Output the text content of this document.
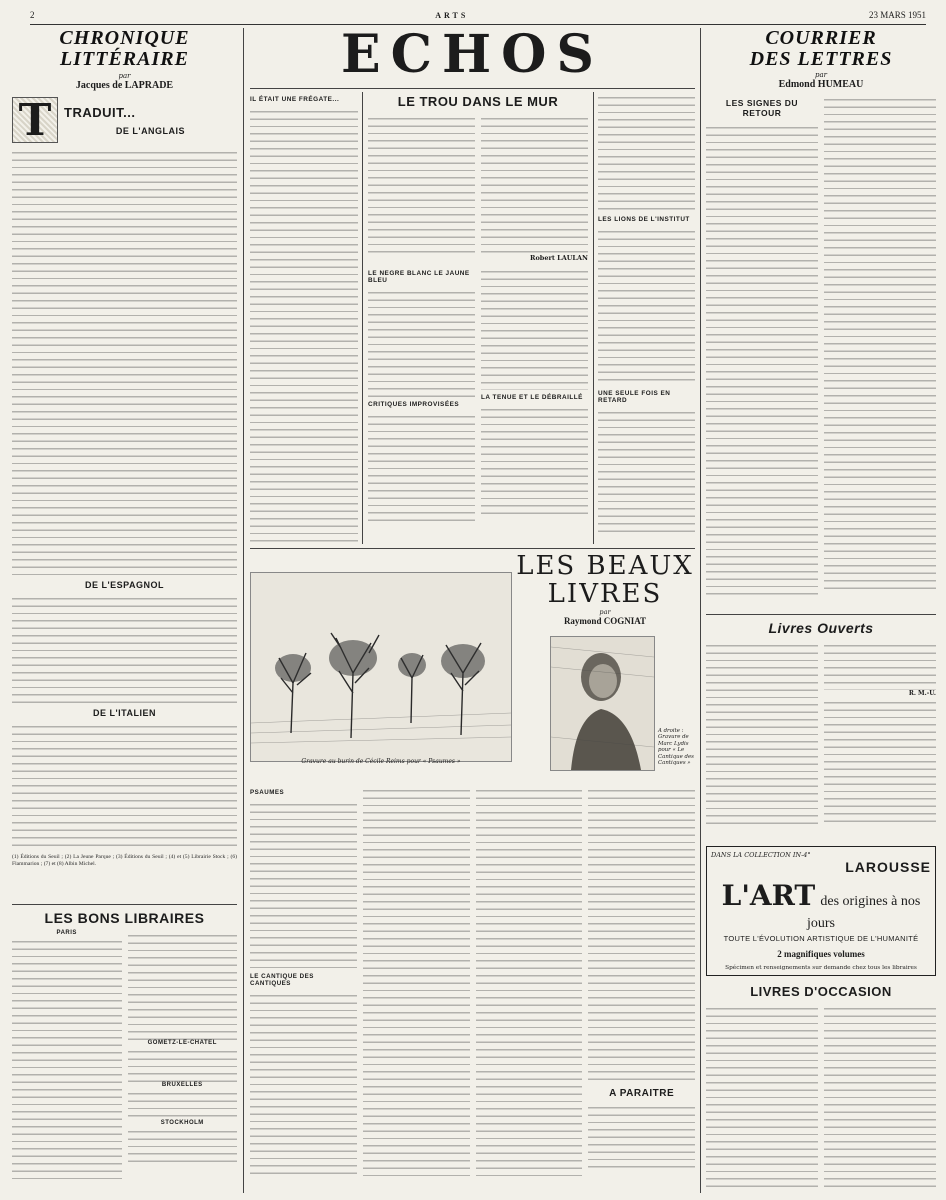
2	ARTS	23 MARS 1951
CHRONIQUE
LITTÉRAIRE
par
Jacques de LAPRADE
T TRADUIT...
DE L'ANGLAIS
DE L'ESPAGNOL
DE L'ITALIEN
(1) Éditions du Seuil ; (2) La Jeune Parque ; (3) Éditions du Seuil ; (4) et (5) Librairie Stock ; (6) Flammarion ; (7) et (8) Albin Michel.
LES BONS LIBRAIRES
PARIS
GOMETZ-LE-CHATEL
BRUXELLES
STOCKHOLM
ECHOS
IL ÉTAIT UNE FRÉGATE...	LE TROU DANS LE MUR
Robert LAULAN
LE NEGRE BLANC LE JAUNE BLEU
CRITIQUES IMPROVISÉES
LA TENUE ET LE DÉBRAILLÉ
LES LIONS DE L'INSTITUT
UNE SEULE FOIS EN RETARD
Gravure au burin de Cécile Reims pour « Psaumes »
LES BEAUX
LIVRES
par
Raymond COGNIAT
A droite : Gravure de Marc Lydis pour « Le Cantique des Cantiques »
PSAUMES
LE CANTIQUE DES CANTIQUES
A PARAITRE
COURRIER
DES LETTRES
par
Edmond HUMEAU
LES SIGNES DU RETOUR
Livres Ouverts
R. M.-U.
DANS LA COLLECTION IN-4°
LAROUSSE
L'ART des origines à nos jours
TOUTE L'ÉVOLUTION ARTISTIQUE DE L'HUMANITÉ
2 magnifiques volumes
Spécimen et renseignements sur demande chez tous les libraires
LIVRES D'OCCASION
